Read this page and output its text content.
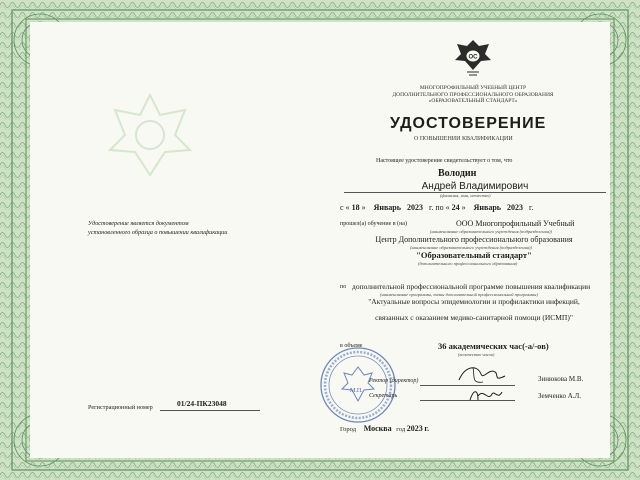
ОС
МНОГОПРОФИЛЬНЫЙ УЧЕБНЫЙ ЦЕНТР
ДОПОЛНИТЕЛЬНОГО ПРОФЕССИОНАЛЬНОГО ОБРАЗОВАНИЯ
«ОБРАЗОВАТЕЛЬНЫЙ СТАНДАРТ»
УДОСТОВЕРЕНИЕ
О ПОВЫШЕНИИ КВАЛИФИКАЦИИ
Настоящее удостоверение свидетельствует о том, что
Володин
Андрей Владимирович
(фамилия, имя, отчество)
с « 18 » Январь 2023 г. по « 24 » Январь 2023 г.
прошел(а) обучение в (на)	ООО Многопрофильный Учебный
(наименование образовательного учреждения (подразделения))
Центр Дополнительного профессионального образования
(наименование образовательного учреждения (подразделения))
"Образовательный стандарт"
(дополнительного профессионального образования)
по дополнительной профессиональной программе повышения квалификации
(наименование программы, темы дополнительной профессиональной программы)
"Актуальные вопросы эпидемиологии и профилактики инфекций,
связанных с оказанием медико-санитарной помощи (ИСМП)"
в объеме	36 академических час(-а/-ов)
(количество часов)
М.П.
Ректор (директор)	Зинюкова М.В.
Секретарь	Земченко А.Л.
Удостоверение является документом
установленного образца о повышении квалификации
Регистрационный номер	01/24-ПК23048
Город Москва год 2023 г.
